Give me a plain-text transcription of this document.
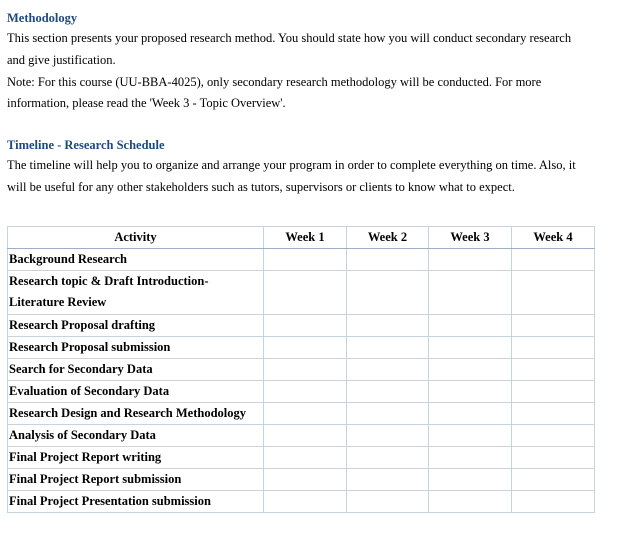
Methodology

This section presents your proposed research method. You should state how you will conduct secondary research

and give justification.

Note: For this course (UU-BBA-4025), only secondary research methodology will be conducted. For more

information, please read the 'Week 3 - Topic Overview'.

Timeline - Research Schedule

The timeline will help you to organize and arrange your program in order to complete everything on time. Also, it

will be useful for any other stakeholders such as tutors, supervisors or clients to know what to expect.

Activity	Week 1	Week 2	Week 3	Week 4
Background Research				

Research topic & Draft Introduction-
Literature Review				

Research Proposal drafting				
Research Proposal submission				
Search for Secondary Data				
Evaluation of Secondary Data				
Research Design and Research Methodology				
Analysis of Secondary Data				
Final Project Report writing				
Final Project Report submission				
Final Project Presentation submission				
